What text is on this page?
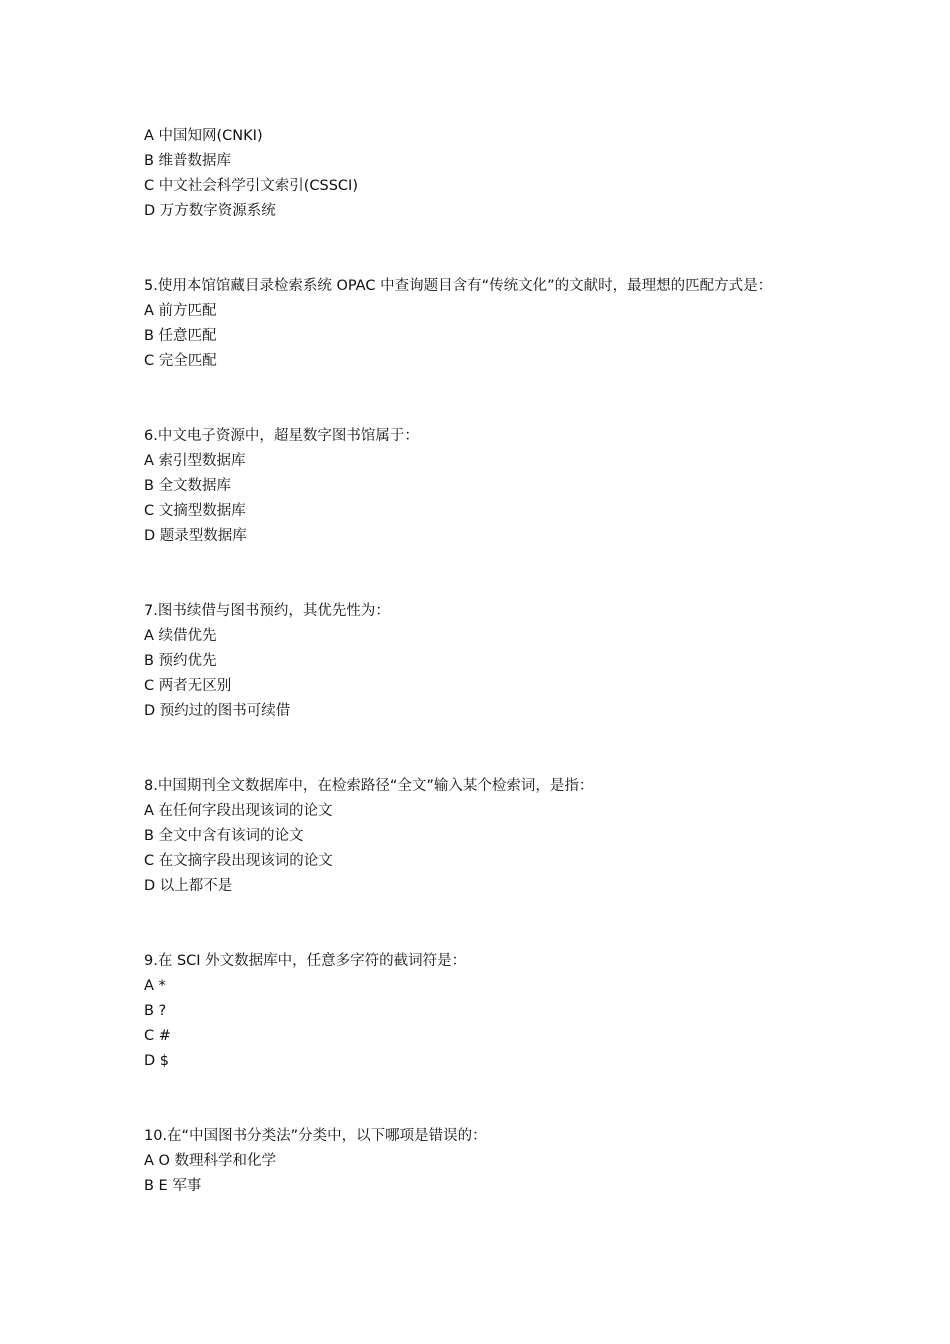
A 中国知网(CNKI)
B 维普数据库
C 中文社会科学引文索引(CSSCI)
D 万方数字资源系统
5.使用本馆馆藏目录检索系统 OPAC 中查询题目含有“传统文化”的文献时，最理想的匹配方式是：
A 前方匹配
B 任意匹配
C 完全匹配
6.中文电子资源中，超星数字图书馆属于：
A 索引型数据库
B 全文数据库
C 文摘型数据库
D 题录型数据库
7.图书续借与图书预约，其优先性为：
A 续借优先
B 预约优先
C 两者无区别
D 预约过的图书可续借
8.中国期刊全文数据库中，在检索路径“全文”输入某个检索词，是指：
A 在任何字段出现该词的论文
B 全文中含有该词的论文
C 在文摘字段出现该词的论文
D 以上都不是
9.在 SCI 外文数据库中，任意多字符的截词符是：
A *
B ?
C #
D $
10.在“中国图书分类法”分类中，以下哪项是错误的：
A O 数理科学和化学
B E 军事
